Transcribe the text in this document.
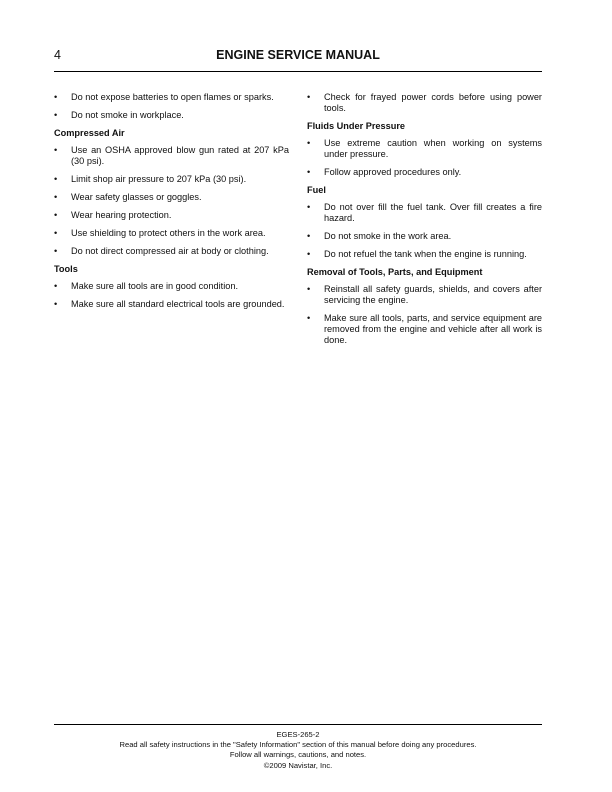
4	ENGINE SERVICE MANUAL
• Do not expose batteries to open flames or sparks.
• Do not smoke in workplace.
Compressed Air
• Use an OSHA approved blow gun rated at 207 kPa (30 psi).
• Limit shop air pressure to 207 kPa (30 psi).
• Wear safety glasses or goggles.
• Wear hearing protection.
• Use shielding to protect others in the work area.
• Do not direct compressed air at body or clothing.
Tools
• Make sure all tools are in good condition.
• Make sure all standard electrical tools are grounded.
• Check for frayed power cords before using power tools.
Fluids Under Pressure
• Use extreme caution when working on systems under pressure.
• Follow approved procedures only.
Fuel
• Do not over fill the fuel tank. Over fill creates a fire hazard.
• Do not smoke in the work area.
• Do not refuel the tank when the engine is running.
Removal of Tools, Parts, and Equipment
• Reinstall all safety guards, shields, and covers after servicing the engine.
• Make sure all tools, parts, and service equipment are removed from the engine and vehicle after all work is done.
EGES-265-2
Read all safety instructions in the "Safety Information" section of this manual before doing any procedures.
Follow all warnings, cautions, and notes.
©2009 Navistar, Inc.
